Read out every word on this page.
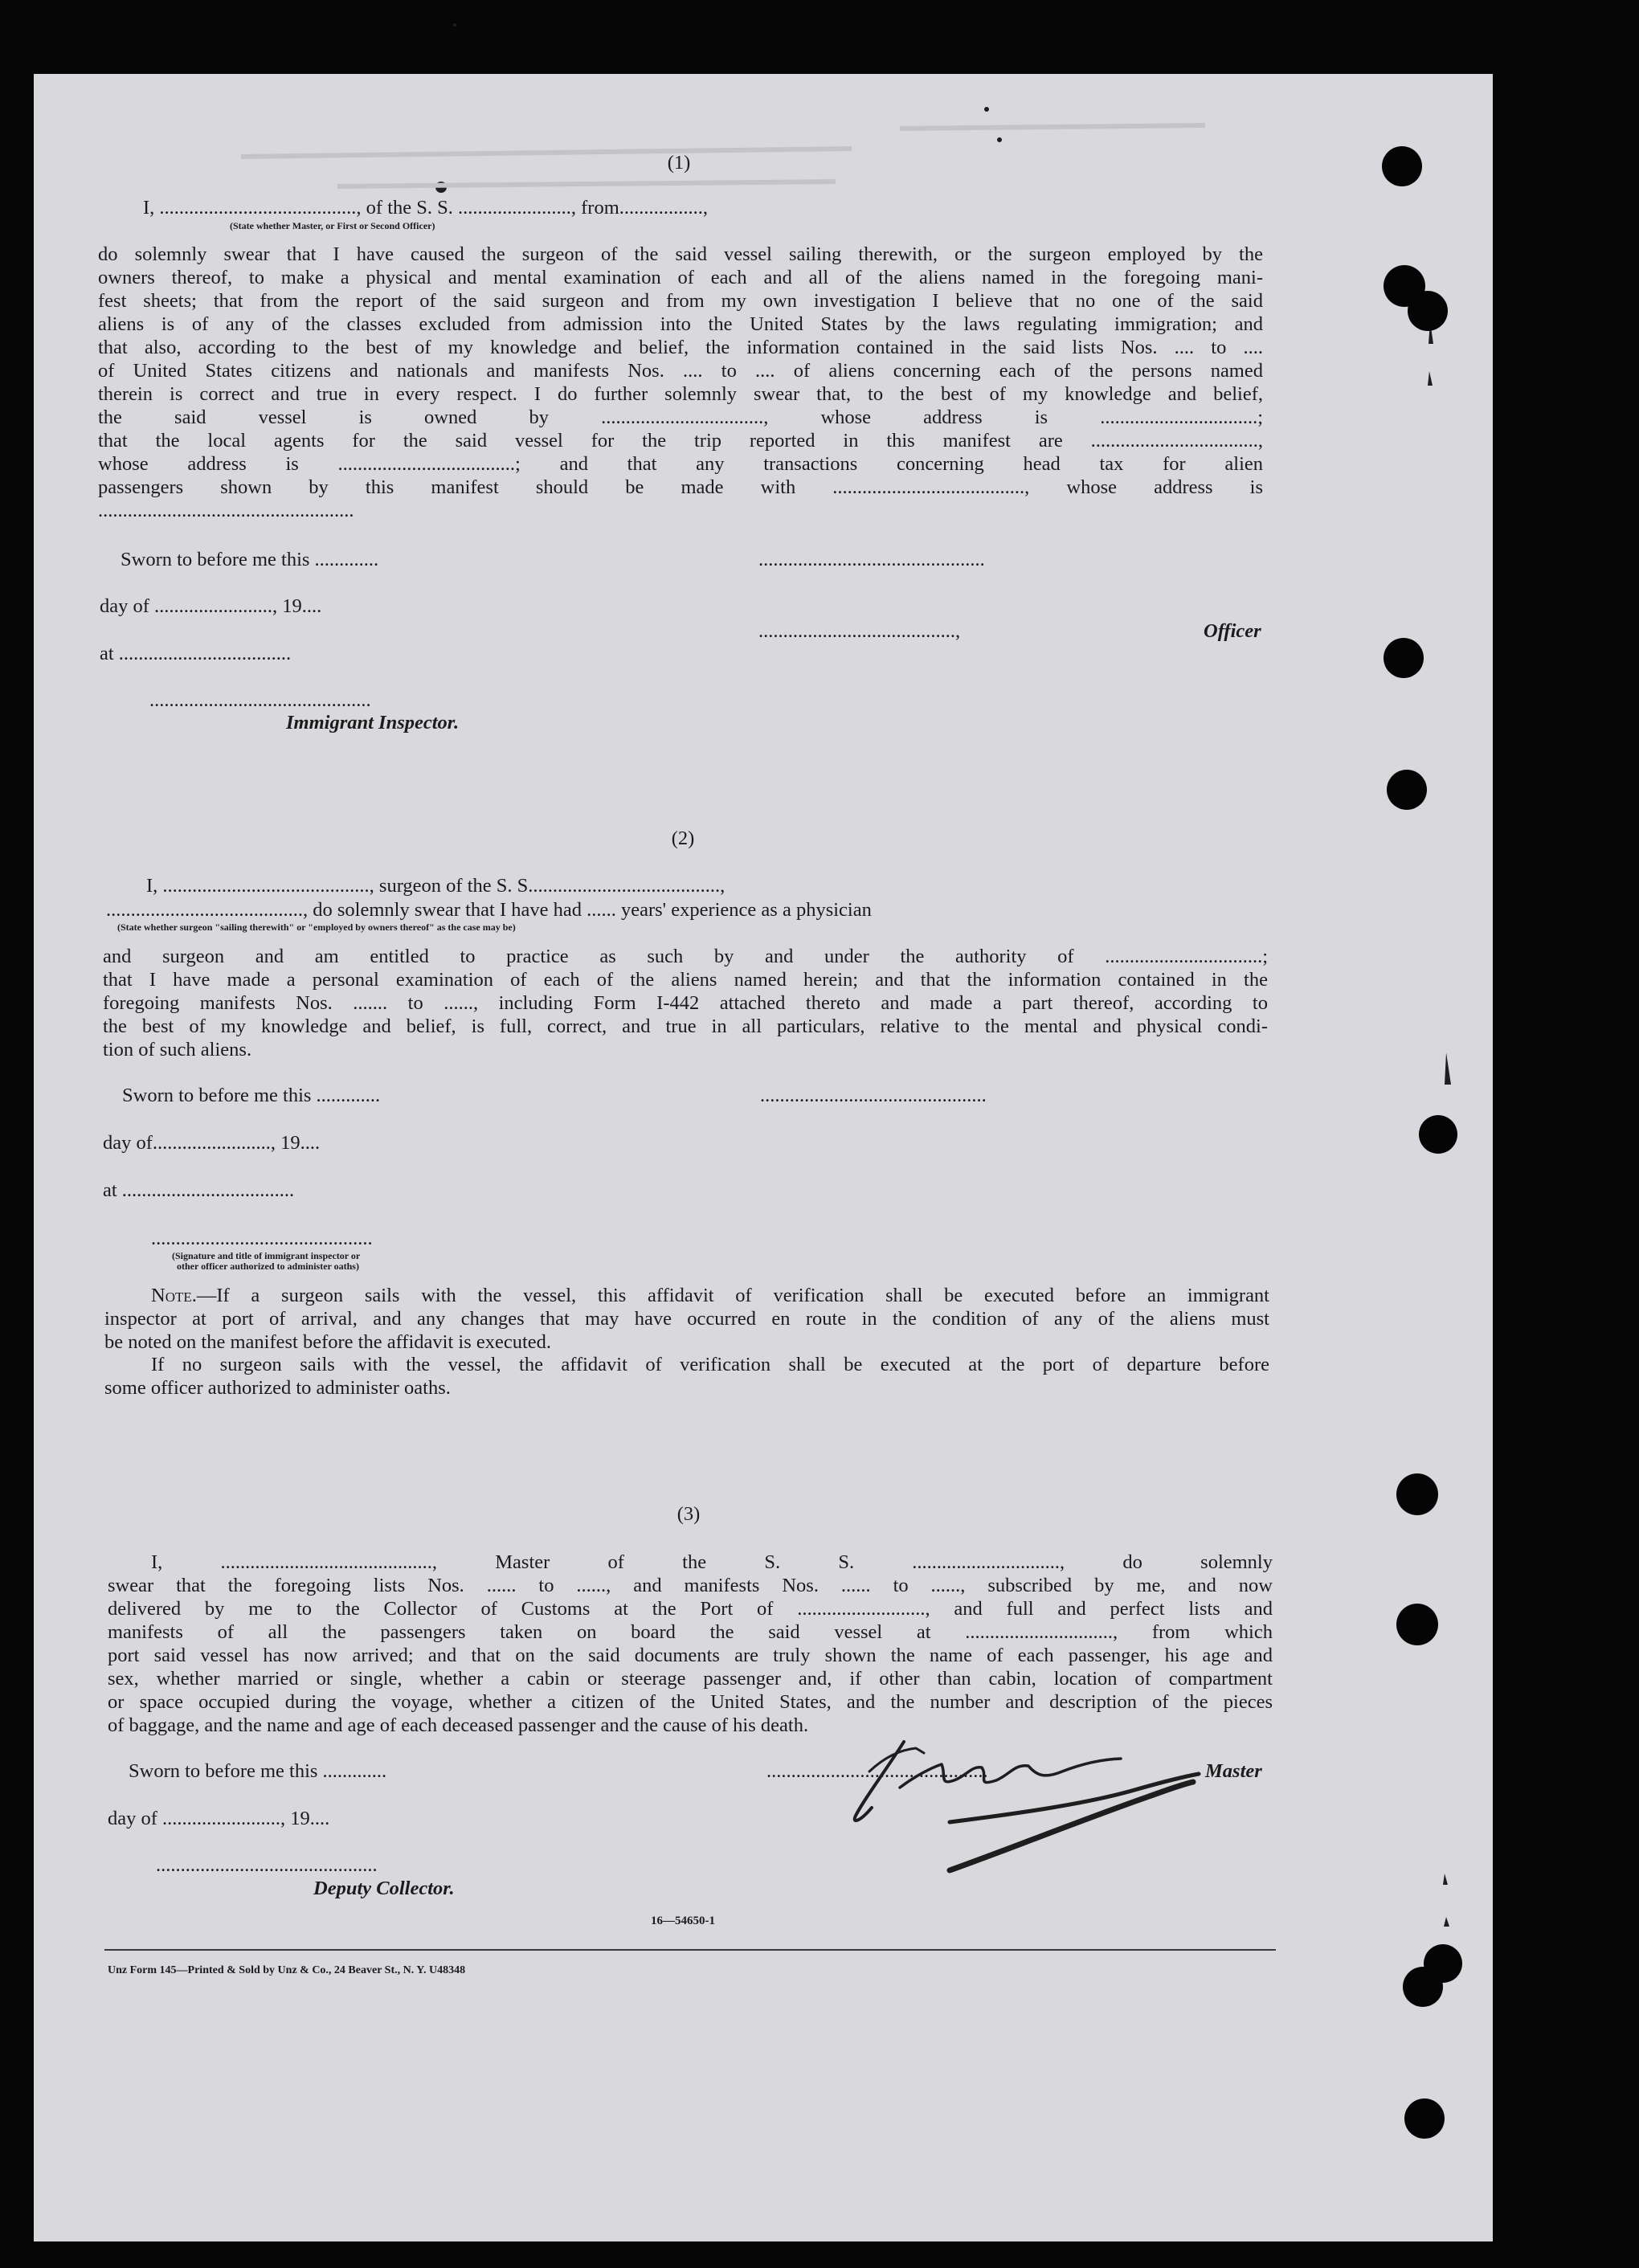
(1)
I, ........................................, of the S. S. ......................., from.................,
(State whether Master, or First or Second Officer)
do solemnly swear that I have caused the surgeon of the said vessel sailing therewith, or the surgeon employed by the
owners thereof, to make a physical and mental examination of each and all of the aliens named in the foregoing mani-
fest sheets; that from the report of the said surgeon and from my own investigation I believe that no one of the said
aliens is of any of the classes excluded from admission into the United States by the laws regulating immigration; and
that also, according to the best of my knowledge and belief, the information contained in the said lists Nos. .... to ....
of United States citizens and nationals and manifests Nos. .... to .... of aliens concerning each of the persons named
therein is correct and true in every respect. I do further solemnly swear that, to the best of my knowledge and belief,
the said vessel is owned by ................................., whose address is ................................;
that the local agents for the said vessel for the trip reported in this manifest are ..................................,
whose address is ....................................; and that any transactions concerning head tax for alien
passengers shown by this manifest should be made with ......................................., whose address is
....................................................
Sworn to before me this .............
day of ........................, 19....
at ...................................
.............................................
Immigrant Inspector.
..............................................
........................................,	Officer
(2)
I, .........................................., surgeon of the S. S.......................................,
........................................, do solemnly swear that I have had ...... years' experience as a physician
(State whether surgeon "sailing therewith" or "employed by owners thereof" as the case may be)
and surgeon and am entitled to practice as such by and under the authority of ................................;
that I have made a personal examination of each of the aliens named herein; and that the information contained in the
foregoing manifests Nos. ....... to ......, including Form I-442 attached thereto and made a part thereof, according to
the best of my knowledge and belief, is full, correct, and true in all particulars, relative to the mental and physical condi-
tion of such aliens.
Sworn to before me this .............	..............................................
day of........................, 19....
at ...................................
.............................................
(Signature and title of immigrant inspector or
other officer authorized to administer oaths)
Note. —If a surgeon sails with the vessel, this affidavit of verification shall be executed before an immigrant
inspector at port of arrival, and any changes that may have occurred en route in the condition of any of the aliens must
be noted on the manifest before the affidavit is executed.
If no surgeon sails with the vessel, the affidavit of verification shall be executed at the port of departure before
some officer authorized to administer oaths.
(3)
I, ..........................................., Master of the S. S. .............................., do solemnly
swear that the foregoing lists Nos. ...... to ......, and manifests Nos. ...... to ......, subscribed by me, and now
delivered by me to the Collector of Customs at the Port of .........................., and full and perfect lists and
manifests of all the passengers taken on board the said vessel at .............................., from which
port said vessel has now arrived; and that on the said documents are truly shown the name of each passenger, his age and
sex, whether married or single, whether a cabin or steerage passenger and, if other than cabin, location of compartment
or space occupied during the voyage, whether a citizen of the United States, and the number and description of the pieces
of baggage, and the name and age of each deceased passenger and the cause of his death.
Sworn to before me this .............
day of ........................, 19....
.............................................
Deputy Collector.
.............................................	Master
16—54650-1
Unz Form 145—Printed & Sold by Unz & Co., 24 Beaver St., N. Y. U48348
